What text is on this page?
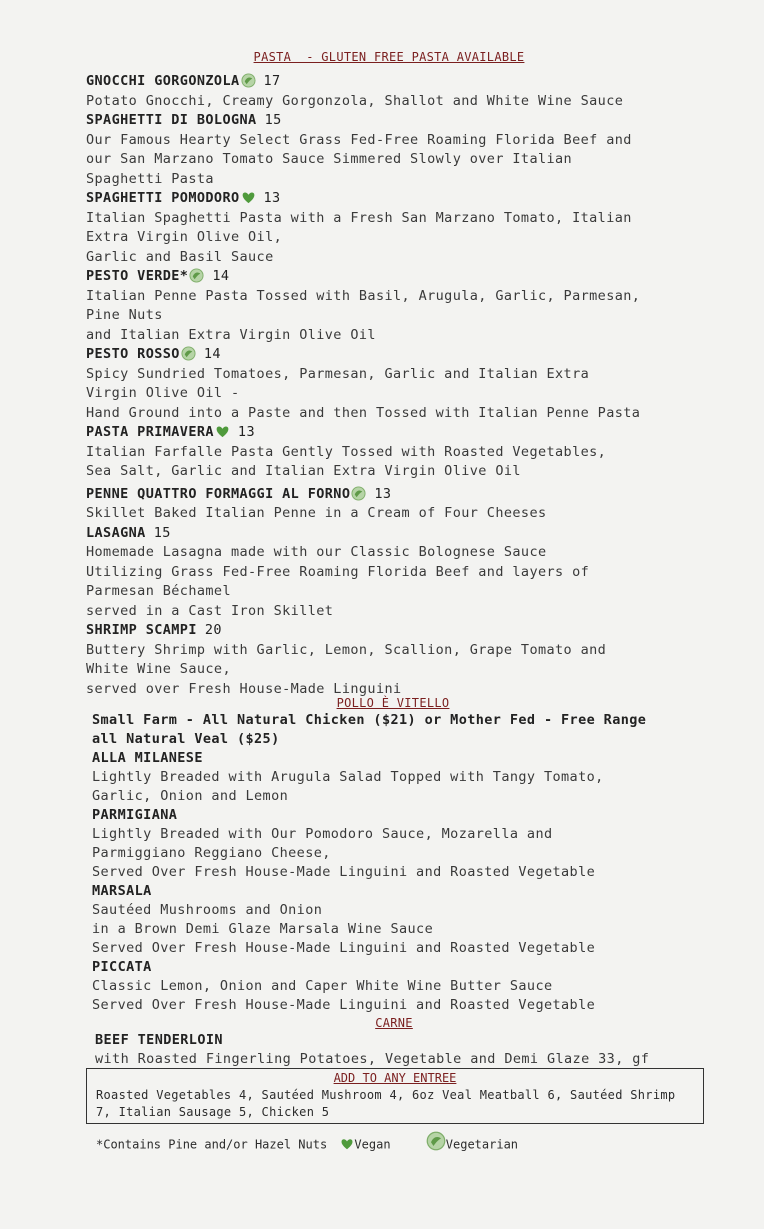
PASTA  - GLUTEN FREE PASTA AVAILABLE
GNOCCHI GORGONZOLA 17
Potato Gnocchi, Creamy Gorgonzola, Shallot and White Wine Sauce
SPAGHETTI DI BOLOGNA 15
Our Famous Hearty Select Grass Fed-Free Roaming Florida Beef and
our San Marzano Tomato Sauce Simmered Slowly over Italian
Spaghetti Pasta
SPAGHETTI POMODORO 13
Italian Spaghetti Pasta with a Fresh San Marzano Tomato, Italian
Extra Virgin Olive Oil,
Garlic and Basil Sauce
PESTO VERDE* 14
Italian Penne Pasta Tossed with Basil, Arugula, Garlic, Parmesan,
Pine Nuts
and Italian Extra Virgin Olive Oil
PESTO ROSSO 14
Spicy Sundried Tomatoes, Parmesan, Garlic and Italian Extra
Virgin Olive Oil -
Hand Ground into a Paste and then Tossed with Italian Penne Pasta
PASTA PRIMAVERA 13
Italian Farfalle Pasta Gently Tossed with Roasted Vegetables,
Sea Salt, Garlic and Italian Extra Virgin Olive Oil
PENNE QUATTRO FORMAGGI AL FORNO 13
Skillet Baked Italian Penne in a Cream of Four Cheeses
LASAGNA 15
Homemade Lasagna made with our Classic Bolognese Sauce
Utilizing Grass Fed-Free Roaming Florida Beef and layers of
Parmesan Béchamel
served in a Cast Iron Skillet
SHRIMP SCAMPI 20
Buttery Shrimp with Garlic, Lemon, Scallion, Grape Tomato and
White Wine Sauce,
served over Fresh House-Made Linguini
POLLO È VITELLO
Small Farm - All Natural Chicken ($21) or Mother Fed - Free Range
all Natural Veal ($25)
ALLA MILANESE
Lightly Breaded with Arugula Salad Topped with Tangy Tomato,
Garlic, Onion and Lemon
PARMIGIANA
Lightly Breaded with Our Pomodoro Sauce, Mozarella and
Parmiggiano Reggiano Cheese,
Served Over Fresh House-Made Linguini and Roasted Vegetable
MARSALA
Sautéed Mushrooms and Onion
in a Brown Demi Glaze Marsala Wine Sauce
Served Over Fresh House-Made Linguini and Roasted Vegetable
PICCATA
Classic Lemon, Onion and Caper White Wine Butter Sauce
Served Over Fresh House-Made Linguini and Roasted Vegetable
CARNE
BEEF TENDERLOIN
with Roasted Fingerling Potatoes, Vegetable and Demi Glaze 33, gf
ADD TO ANY ENTREE
Roasted Vegetables 4, Sautéed Mushroom 4, 6oz Veal Meatball 6, Sautéed Shrimp
7, Italian Sausage 5, Chicken 5
*Contains Pine and/or Hazel Nuts Vegan	Vegetarian
